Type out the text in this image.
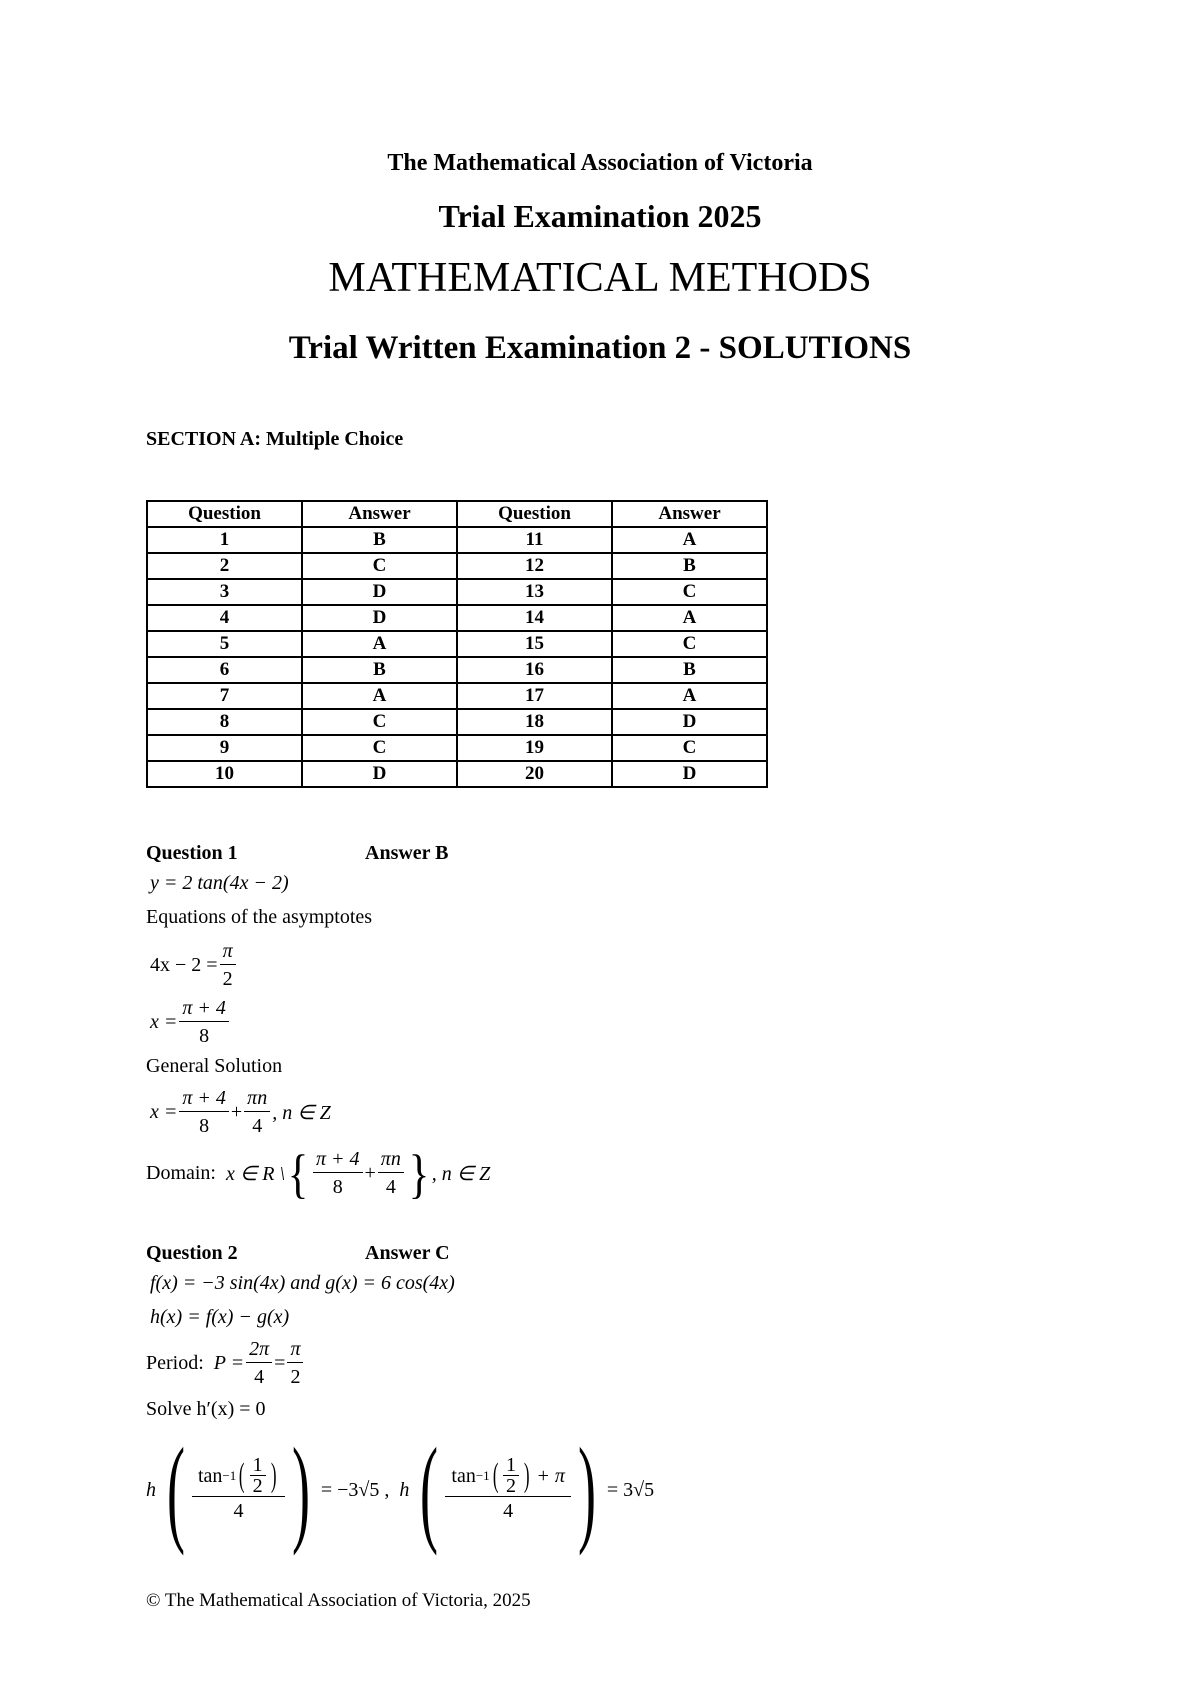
The Mathematical Association of Victoria
Trial Examination 2025
MATHEMATICAL METHODS
Trial Written Examination 2 - SOLUTIONS
SECTION A: Multiple Choice
Question	Answer	Question	Answer
1	B	11	A
2	C	12	B
3	D	13	C
4	D	14	A
5	A	15	C
6	B	16	B
7	A	17	A
8	C	18	D
9	C	19	C
10	D	20	D
Question 1	Answer B
y = 2 tan(4x − 2)
Equations of the asymptotes
$4x - 2 = \frac{\pi}{2}$
$x = \frac{\pi + 4}{8}$
General Solution
$x = \frac{\pi + 4}{8} + \frac{\pi n}{4}$ , n ∈ Z
Domain: x ∈ R \ { $\frac{\pi + 4}{8} + \frac{\pi n}{4}$ } , n ∈ Z
Question 2	Answer C
f(x) = −3 sin(4x) and g(x) = 6 cos(4x)
h(x) = f(x) − g(x)
Period: $P = \frac{2\pi}{4} = \frac{\pi}{2}$
Solve h′(x) = 0
h ( $\frac{\tan -1 ( \frac{1}{2} )}{4}$ ) = −3√5 , h ( tan −1 ( $\frac{1}{2}$ ) + π
4 ) = 3√5
© The Mathematical Association of Victoria, 2025
